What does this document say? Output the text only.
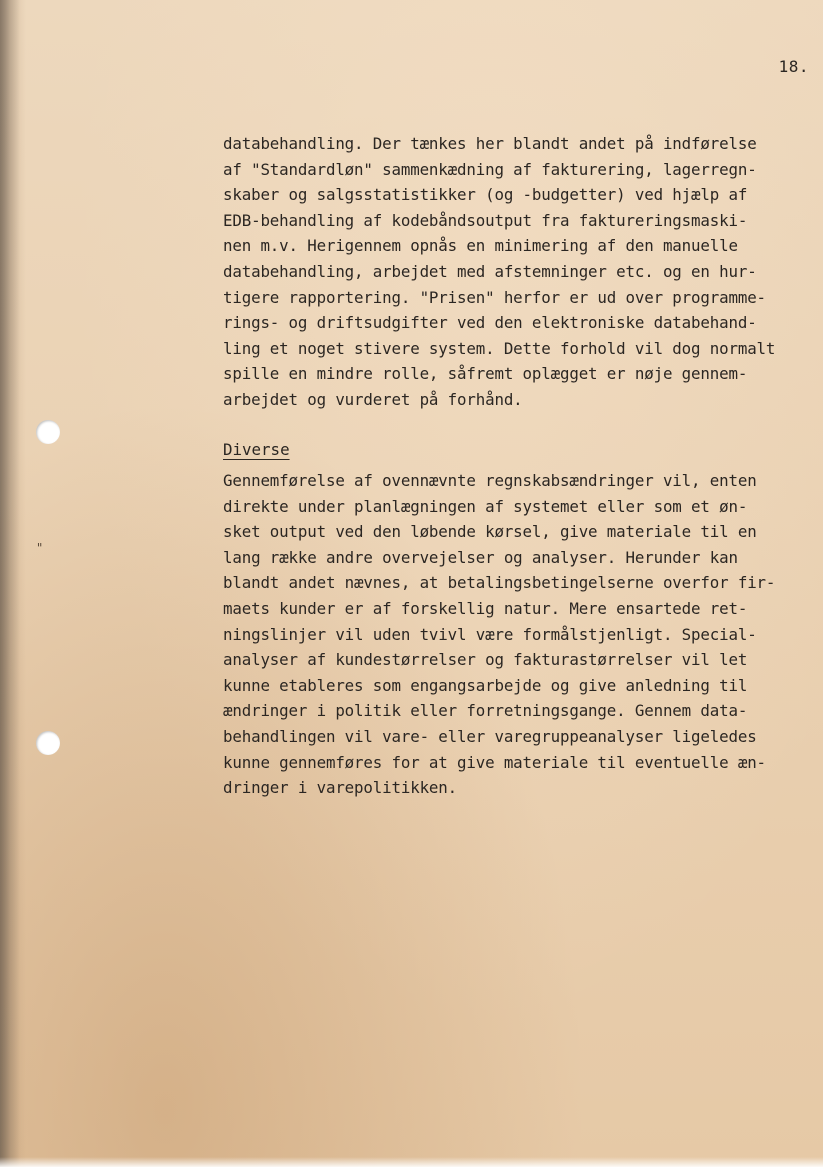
18.
databehandling. Der tænkes her blandt andet på indførelse
af "Standardløn" sammenkædning af fakturering, lagerregn-
skaber og salgsstatistikker (og -budgetter) ved hjælp af
EDB-behandling af kodebåndsoutput fra faktureringsmaski-
nen m.v. Herigennem opnås en minimering af den manuelle
databehandling, arbejdet med afstemninger etc. og en hur-
tigere rapportering. "Prisen" herfor er ud over programme-
rings- og driftsudgifter ved den elektroniske databehand-
ling et noget stivere system. Dette forhold vil dog normalt
spille en mindre rolle, såfremt oplægget er nøje gennem-
arbejdet og vurderet på forhånd.
Diverse
Gennemførelse af ovennævnte regnskabsændringer vil, enten
direkte under planlægningen af systemet eller som et øn-
sket output ved den løbende kørsel, give materiale til en
lang række andre overvejelser og analyser. Herunder kan
blandt andet nævnes, at betalingsbetingelserne overfor fir-
maets kunder er af forskellig natur. Mere ensartede ret-
ningslinjer vil uden tvivl være formålstjenligt. Special-
analyser af kundestørrelser og fakturastørrelser vil let
kunne etableres som engangsarbejde og give anledning til
ændringer i politik eller forretningsgange. Gennem data-
behandlingen vil vare- eller varegruppeanalyser ligeledes
kunne gennemføres for at give materiale til eventuelle æn-
dringer i varepolitikken.
"
